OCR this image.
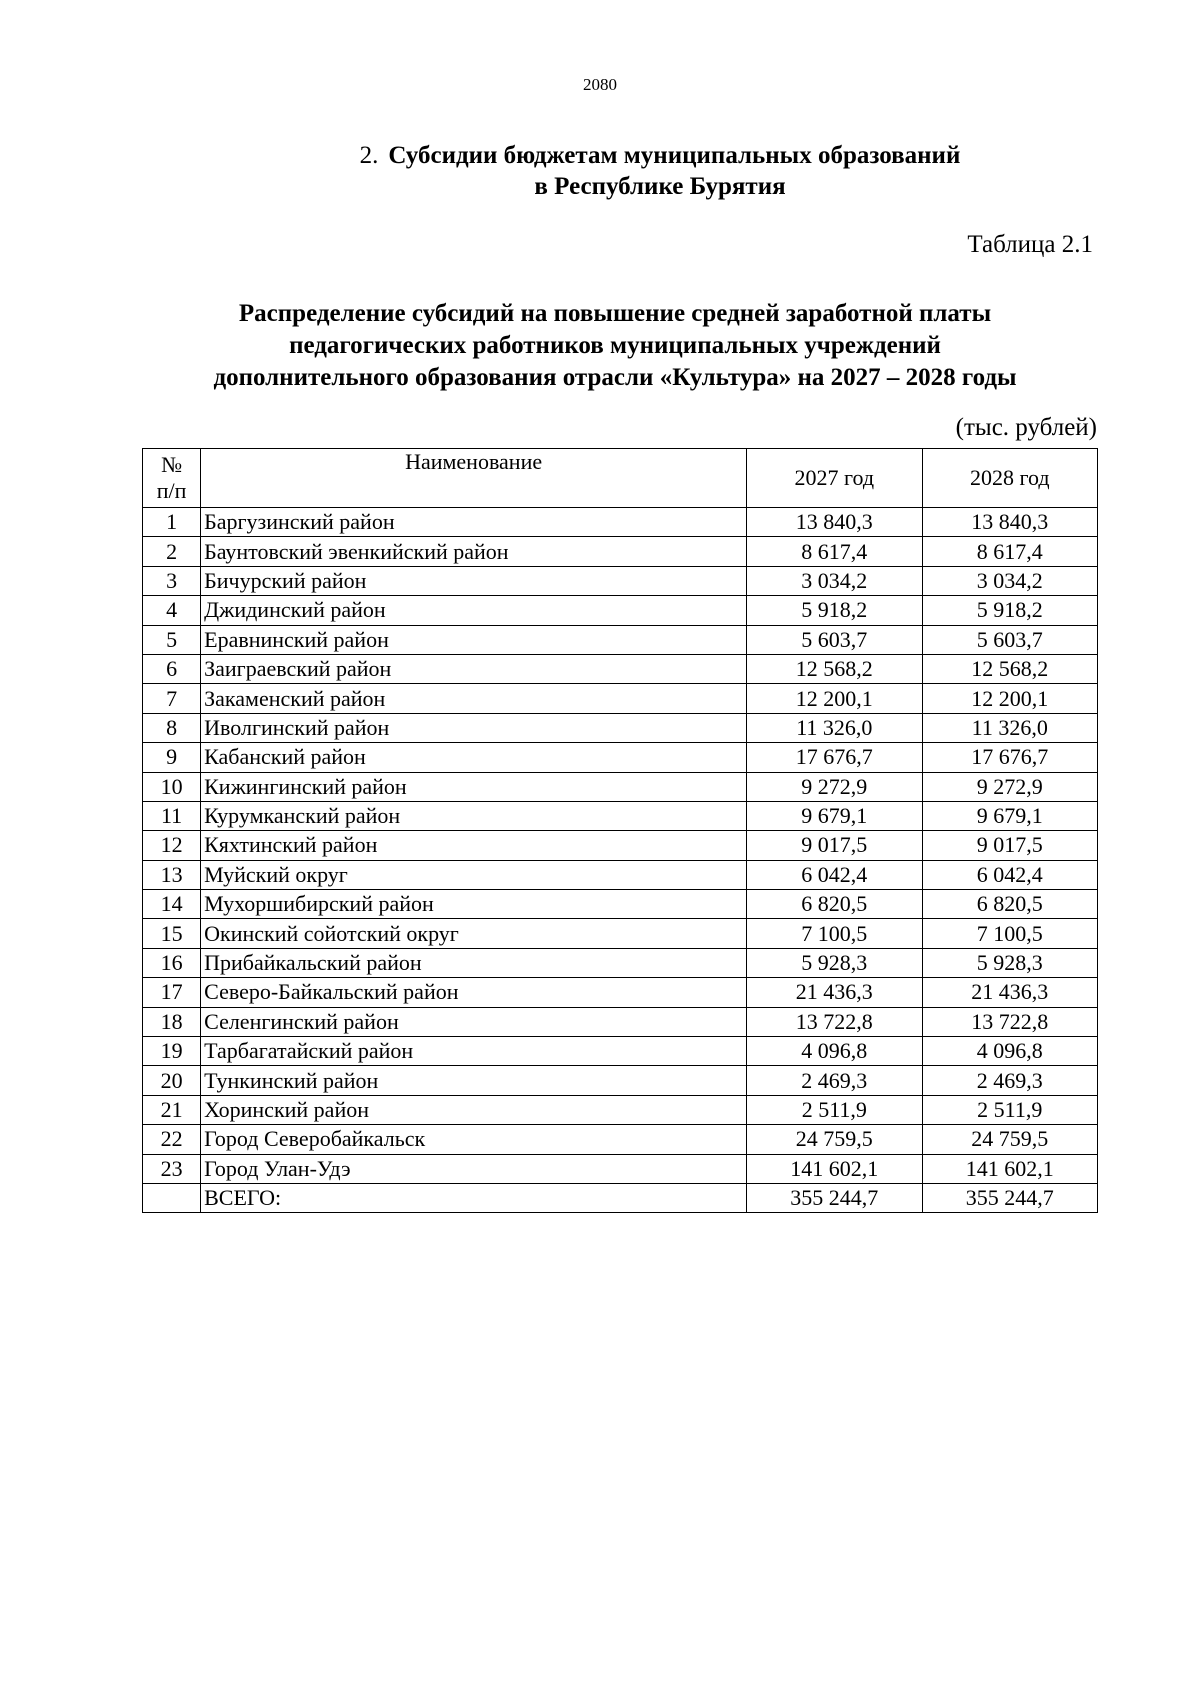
2080
2. Субсидии бюджетам муниципальных образований
в Республике Бурятия
Таблица 2.1
Распределение субсидий на повышение средней заработной платы
педагогических работников муниципальных учреждений
дополнительного образования отрасли «Культура» на 2027 – 2028 годы
(тыс. рублей)
№
п/п	Наименование	2027 год	2028 год
1	Баргузинский район	13 840,3	13 840,3
2	Баунтовский эвенкийский район	8 617,4	8 617,4
3	Бичурский район	3 034,2	3 034,2
4	Джидинский район	5 918,2	5 918,2
5	Еравнинский район	5 603,7	5 603,7
6	Заиграевский район	12 568,2	12 568,2
7	Закаменский район	12 200,1	12 200,1
8	Иволгинский район	11 326,0	11 326,0
9	Кабанский район	17 676,7	17 676,7
10	Кижингинский район	9 272,9	9 272,9
11	Курумканский район	9 679,1	9 679,1
12	Кяхтинский район	9 017,5	9 017,5
13	Муйский округ	6 042,4	6 042,4
14	Мухоршибирский район	6 820,5	6 820,5
15	Окинский сойотский округ	7 100,5	7 100,5
16	Прибайкальский район	5 928,3	5 928,3
17	Северо-Байкальский район	21 436,3	21 436,3
18	Селенгинский район	13 722,8	13 722,8
19	Тарбагатайский район	4 096,8	4 096,8
20	Тункинский район	2 469,3	2 469,3
21	Хоринский район	2 511,9	2 511,9
22	Город Северобайкальск	24 759,5	24 759,5
23	Город Улан-Удэ	141 602,1	141 602,1
	ВСЕГО:	355 244,7	355 244,7
